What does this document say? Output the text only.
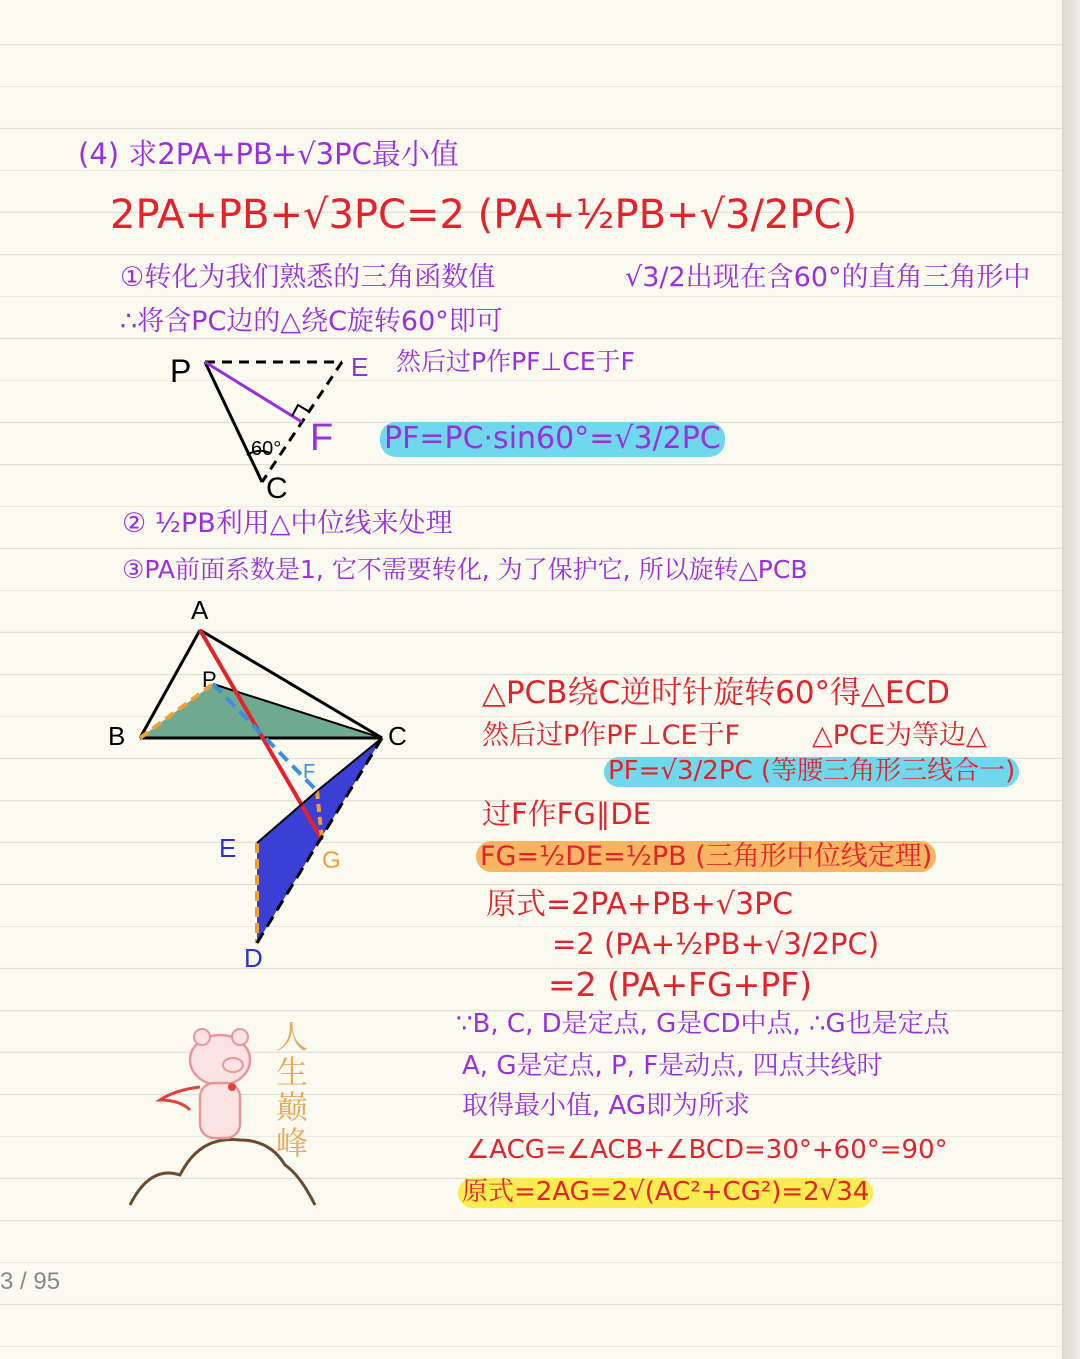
(4) 求2PA+PB+√3PC最小值
2PA+PB+√3PC=2 (PA+½PB+√3/2PC)
①转化为我们熟悉的三角函数值	√3/2出现在含60°的直角三角形中
∴将含PC边的△绕C旋转60°即可
然后过P作PF⊥CE于F
PF=PC·sin60°=√3/2PC
② ½PB利用△中位线来处理
③PA前面系数是1, 它不需要转化, 为了保护它, 所以旋转△PCB
P	E
F
C
60°
A
P
B	C
F
E	G
D
△PCB绕C逆时针旋转60°得△ECD
然后过P作PF⊥CE于F	△PCE为等边△
PF=√3/2PC (等腰三角形三线合一)
过F作FG∥DE
FG=½DE=½PB (三角形中位线定理)
原式=2PA+PB+√3PC
=2 (PA+½PB+√3/2PC)
=2 (PA+FG+PF)
∵B, C, D是定点, G是CD中点, ∴G也是定点
A, G是定点, P, F是动点, 四点共线时
取得最小值, AG即为所求
∠ACG=∠ACB+∠BCD=30°+60°=90°
原式=2AG=2√(AC²+CG²)=2√34
人生巅峰
3 / 95
